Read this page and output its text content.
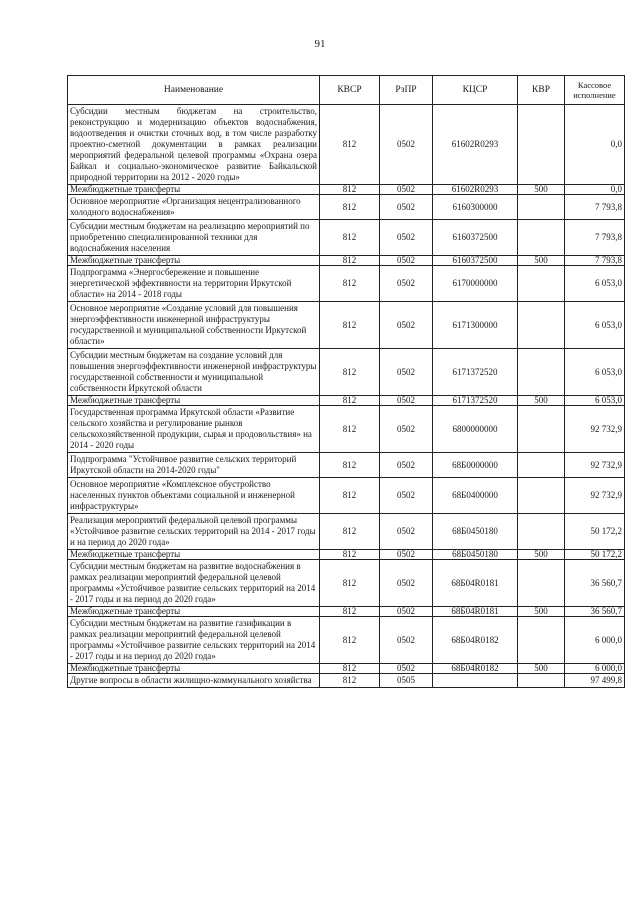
91
Наименование	КВСР	РзПР	КЦСР	КВР	Кассовое исполнение

Субсидии местным бюджетам на строительство, реконструкцию и модернизацию объектов водоснабжения, водоотведения и очистки сточных вод, в том числе разработку проектно-сметной документации в рамках реализации мероприятий федеральной целевой программы «Охрана озера Байкал и социально-экономическое развитие Байкальской природной территории на 2012 - 2020 годы»	812	0502	61602R0293		0,0
Межбюджетные трансферты	812	0502	61602R0293	500	0,0
Основное мероприятие «Организация нецентрализованного холодного водоснабжения»	812	0502	6160300000		7 793,8
Субсидии местным бюджетам на реализацию мероприятий по приобретению специализированной техники для водоснабжения населения	812	0502	6160372500		7 793,8
Межбюджетные трансферты	812	0502	6160372500	500	7 793,8
Подпрограмма «Энергосбережение и повышение энергетической эффективности на территории Иркутской области» на 2014 - 2018 годы	812	0502	6170000000		6 053,0
Основное мероприятие «Создание условий для повышения энергоэффективности инженерной инфраструктуры государственной и муниципальной собственности Иркутской области»	812	0502	6171300000		6 053,0
Субсидии местным бюджетам на создание условий для повышения энергоэффективности инженерной инфраструктуры государственной собственности и муниципальной собственности Иркутской области	812	0502	6171372520		6 053,0
Межбюджетные трансферты	812	0502	6171372520	500	6 053,0
Государственная программа Иркутской области «Развитие сельского хозяйства и регулирование рынков сельскохозяйственной продукции, сырья и продовольствия» на 2014 - 2020 годы	812	0502	6800000000		92 732,9
Подпрограмма "Устойчивое развитие сельских территорий Иркутской области на 2014-2020 годы"	812	0502	68Б0000000		92 732,9
Основное мероприятие «Комплексное обустройство населенных пунктов объектами социальной и инженерной инфраструктуры»	812	0502	68Б0400000		92 732,9
Реализация мероприятий федеральной целевой программы «Устойчивое развитие сельских территорий на 2014 - 2017 годы и на период до 2020 года»	812	0502	68Б0450180		50 172,2
Межбюджетные трансферты	812	0502	68Б0450180	500	50 172,2
Субсидии местным бюджетам на развитие водоснабжения в рамках реализации мероприятий федеральной целевой программы «Устойчивое развитие сельских территорий на 2014 - 2017 годы и на период до 2020 года»	812	0502	68Б04R0181		36 560,7
Межбюджетные трансферты	812	0502	68Б04R0181	500	36 560,7
Субсидии местным бюджетам на развитие газификации в рамках реализации мероприятий федеральной целевой программы «Устойчивое развитие сельских территорий на 2014 - 2017 годы и на период до 2020 года»	812	0502	68Б04R0182		6 000,0
Межбюджетные трансферты	812	0502	68Б04R0182	500	6 000,0
Другие вопросы в области жилищно-коммунального хозяйства	812	0505			97 499,8
